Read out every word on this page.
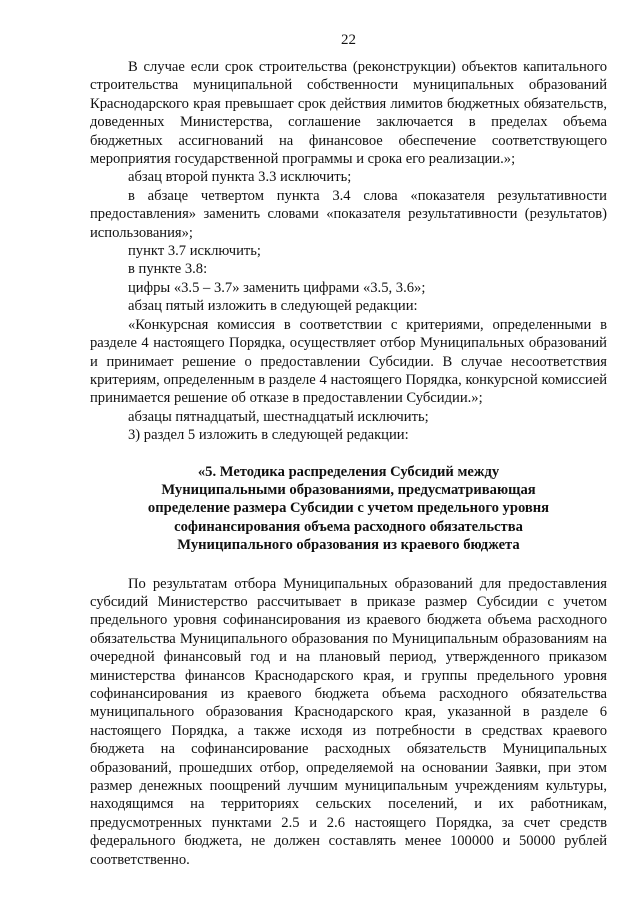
22

В случае если срок строительства (реконструкции) объектов капитального строительства муниципальной собственности муниципальных образований Краснодарского края превышает срок действия лимитов бюджетных обязательств, доведенных Министерства, соглашение заключается в пределах объема бюджетных ассигнований на финансовое обеспечение соответствующего мероприятия государственной программы и срока его реализации.»;

абзац второй пункта 3.3 исключить;

в абзаце четвертом пункта 3.4 слова «показателя результативности предоставления» заменить словами «показателя результативности (результатов) использования»;

пункт 3.7 исключить;

в пункте 3.8:

цифры «3.5 – 3.7» заменить цифрами «3.5, 3.6»;

абзац пятый изложить в следующей редакции:

«Конкурсная комиссия в соответствии с критериями, определенными в разделе 4 настоящего Порядка, осуществляет отбор Муниципальных образований и принимает решение о предоставлении Субсидии. В случае несоответствия критериям, определенным в разделе 4 настоящего Порядка, конкурсной комиссией принимается решение об отказе в предоставлении Субсидии.»;

абзацы пятнадцатый, шестнадцатый исключить;

3) раздел 5 изложить в следующей редакции:

«5. Методика распределения Субсидий между
Муниципальными образованиями, предусматривающая
определение размера Субсидии с учетом предельного уровня
софинансирования объема расходного обязательства
Муниципального образования из краевого бюджета

По результатам отбора Муниципальных образований для предоставления субсидий Министерство рассчитывает в приказе размер Субсидии с учетом предельного уровня софинансирования из краевого бюджета объема расходного обязательства Муниципального образования по Муниципальным образованиям на очередной финансовый год и на плановый период, утвержденного приказом министерства финансов Краснодарского края, и группы предельного уровня софинансирования из краевого бюджета объема расходного обязательства муниципального образования Краснодарского края, указанной в разделе 6 настоящего Порядка, а также исходя из потребности в средствах краевого бюджета на софинансирование расходных обязательств Муниципальных образований, прошедших отбор, определяемой на основании Заявки, при этом размер денежных поощрений лучшим муниципальным учреждениям культуры, находящимся на территориях сельских поселений, и их работникам, предусмотренных пунктами 2.5 и 2.6 настоящего Порядка, за счет средств федерального бюджета, не должен составлять менее 100000 и 50000 рублей соответственно.
